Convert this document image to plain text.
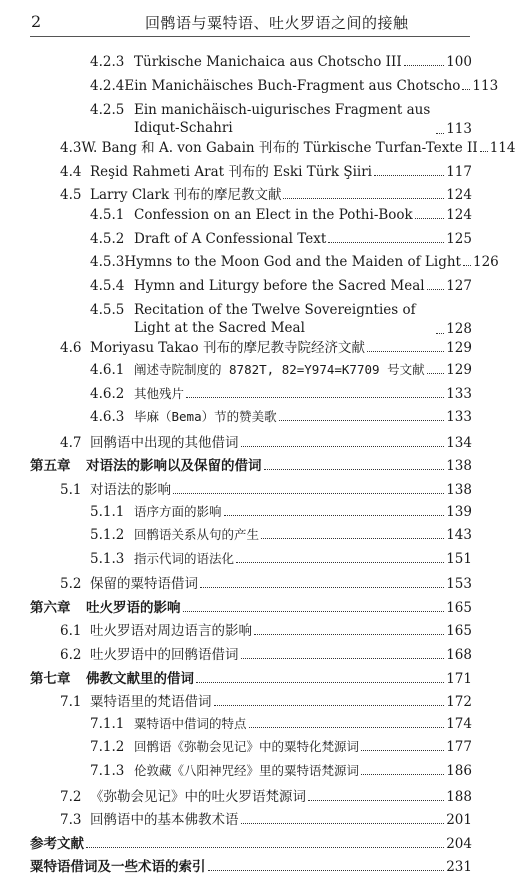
2	回鹘语与粟特语、吐火罗语之间的接触
4.2.3 Türkische Manichaica aus Chotscho III	100
4.2.4 Ein Manichäisches Buch-Fragment aus Chotscho 113
4.2.5 Ein manichäisch-uigurisches Fragment aus Idiqut-Schahri	113
4.3 W. Bang 和 A. von Gabain 刊布的 Türkische Turfan-Texte II 114
4.4 Reşid Rahmeti Arat 刊布的 Eski Türk Şiiri	117
4.5 Larry Clark 刊布的摩尼教文献	124
4.5.1 Confession on an Elect in the Pothi-Book 124
4.5.2 Draft of A Confessional Text	125
4.5.3 Hymns to the Moon God and the Maiden of Light 126
4.5.4 Hymn and Liturgy before the Sacred Meal 127
4.5.5 Recitation of the Twelve Sovereignties of Light at the Sacred Meal	128
4.6 Moriyasu Takao 刊布的摩尼教寺院经济文献	129
4.6.1 阐述寺院制度的 8782T, 82=Y974=K7709 号文献 129
4.6.2 其他残片	133
4.6.3 毕麻（Bema）节的赞美歌	133
4.7 回鹘语中出现的其他借词	134
第五章	对语法的影响以及保留的借词	138
5.1 对语法的影响	138
5.1.1 语序方面的影响	139
5.1.2 回鹘语关系从句的产生	143
5.1.3 指示代词的语法化	151
5.2 保留的粟特语借词	153
第六章	吐火罗语的影响	165
6.1 吐火罗语对周边语言的影响	165
6.2 吐火罗语中的回鹘语借词	168
第七章	佛教文献里的借词	171
7.1 粟特语里的梵语借词	172
7.1.1 粟特语中借词的特点	174
7.1.2 回鹘语《弥勒会见记》中的粟特化梵源词	177
7.1.3 伦敦藏《八阳神咒经》里的粟特语梵源词	186
7.2 《弥勒会见记》中的吐火罗语梵源词	188
7.3 回鹘语中的基本佛教术语	201
参考文献	204
粟特语借词及一些术语的索引	231
